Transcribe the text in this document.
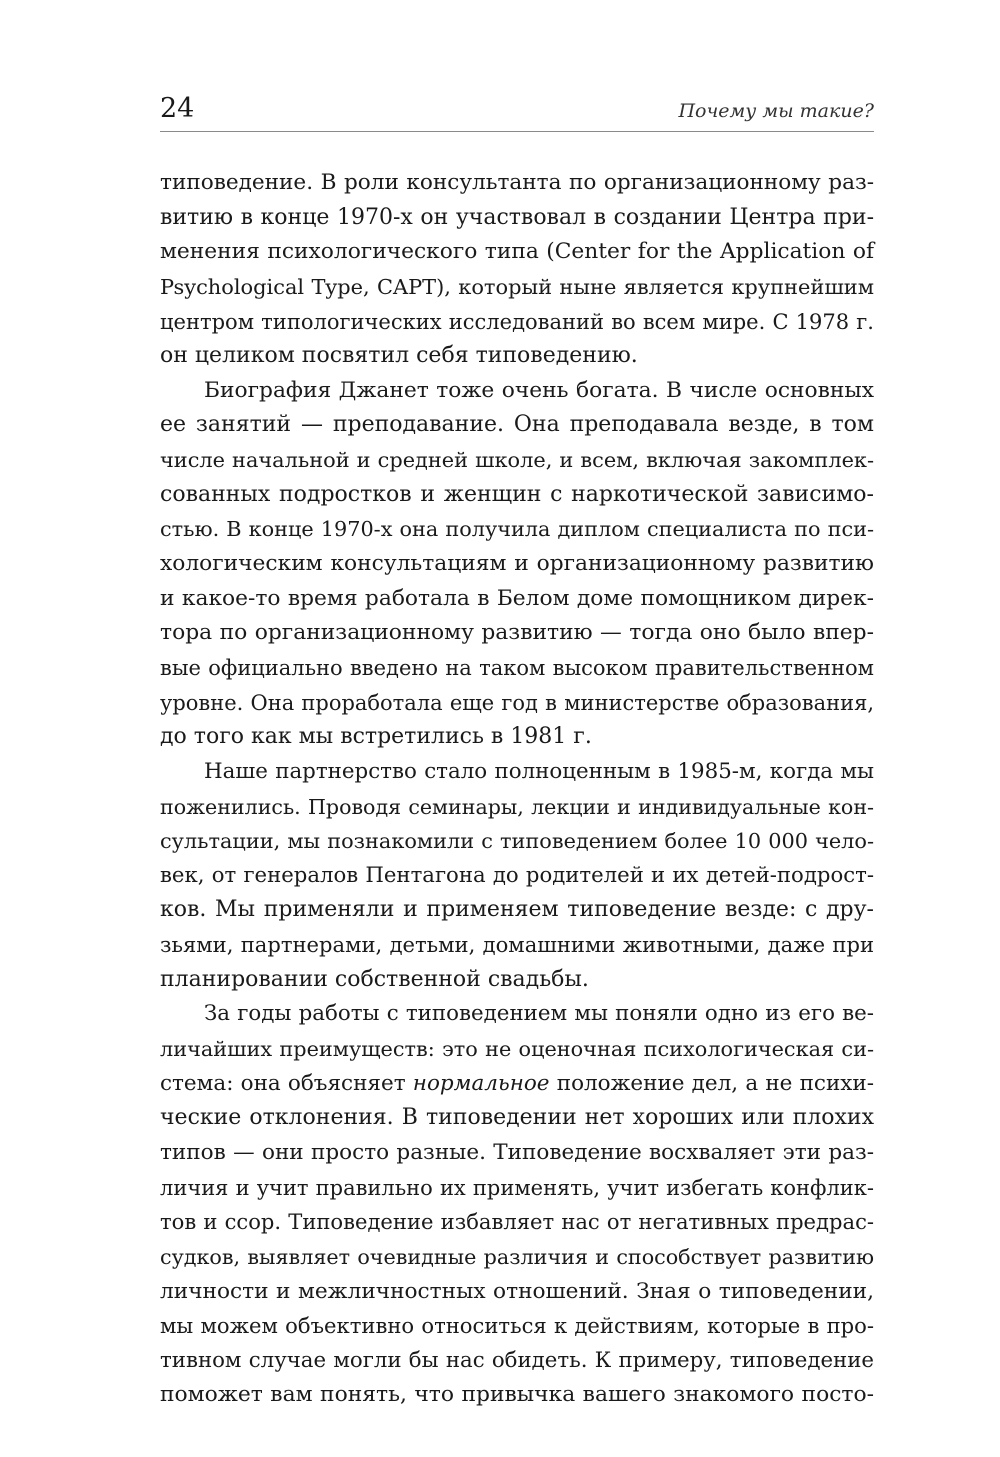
24	Почему мы такие?
типоведение. В роли консультанта по организационному раз-
витию в конце 1970-х он участвовал в создании Центра при-
менения психологического типа (Center for the Application of
Psychological Type, CAPT), который ныне является крупнейшим
центром типологических исследований во всем мире. С 1978 г.
он целиком посвятил себя типоведению.
Биография Джанет тоже очень богата. В числе основных
ее занятий — преподавание. Она преподавала везде, в том
числе начальной и средней школе, и всем, включая закомплек-
сованных подростков и женщин с наркотической зависимо-
стью. В конце 1970-х она получила диплом специалиста по пси-
хологическим консультациям и организационному развитию
и какое-то время работала в Белом доме помощником дирек-
тора по организационному развитию — тогда оно было впер-
вые официально введено на таком высоком правительственном
уровне. Она проработала еще год в министерстве образования,
до того как мы встретились в 1981 г.
Наше партнерство стало полноценным в 1985-м, когда мы
поженились. Проводя семинары, лекции и индивидуальные кон-
сультации, мы познакомили с типоведением более 10 000 чело-
век, от генералов Пентагона до родителей и их детей-подрост-
ков. Мы применяли и применяем типоведение везде: с дру-
зьями, партнерами, детьми, домашними животными, даже при
планировании собственной свадьбы.
За годы работы с типоведением мы поняли одно из его ве-
личайших преимуществ: это не оценочная психологическая си-
стема: она объясняет нормальное положение дел, а не психи-
ческие отклонения. В типоведении нет хороших или плохих
типов — они просто разные. Типоведение восхваляет эти раз-
личия и учит правильно их применять, учит избегать конфлик-
тов и ссор. Типоведение избавляет нас от негативных предрас-
судков, выявляет очевидные различия и способствует развитию
личности и межличностных отношений. Зная о типоведении,
мы можем объективно относиться к действиям, которые в про-
тивном случае могли бы нас обидеть. К примеру, типоведение
поможет вам понять, что привычка вашего знакомого посто-
